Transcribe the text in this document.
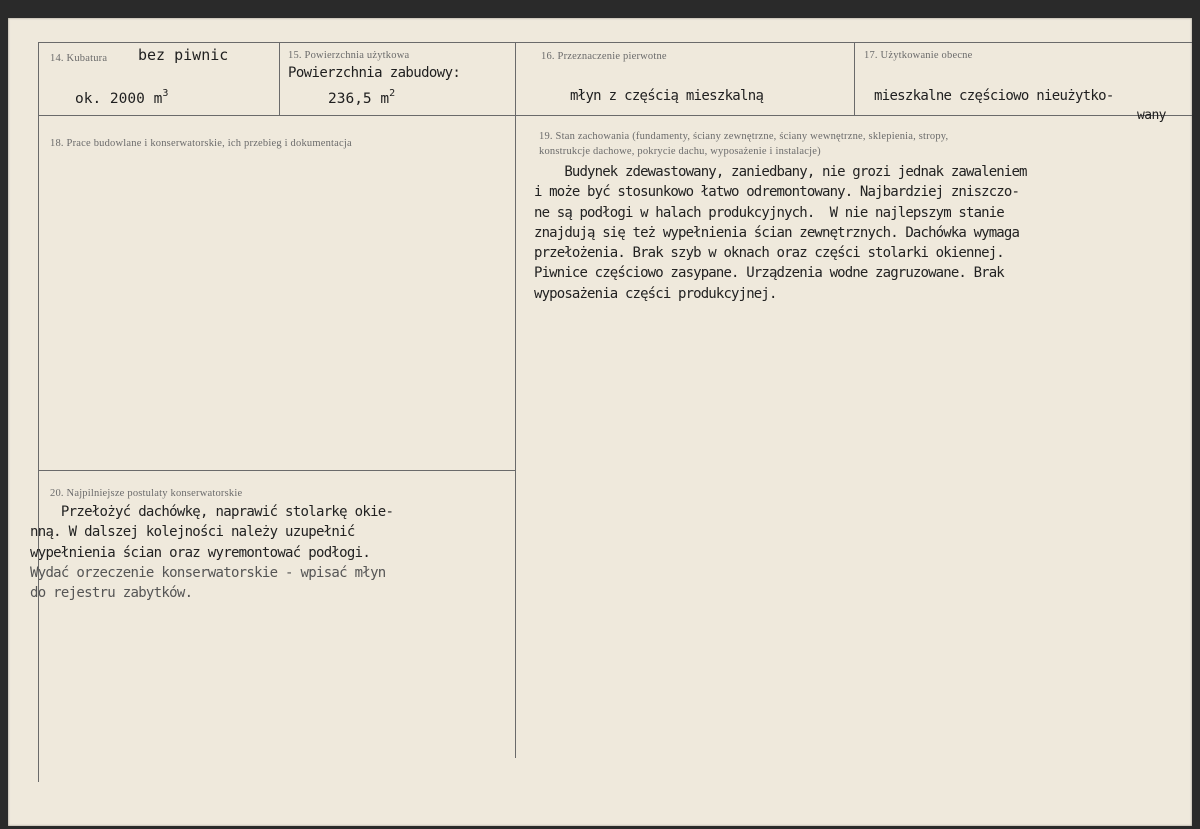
14. Kubatura bez piwnic
ok. 2000 $m^3$
15. Powierzchnia użytkowa
Powierzchnia zabudowy:
236,5 $m^2$
16. Przeznaczenie pierwotne
młyn z częścią mieszkalną
17. Użytkowanie obecne
mieszkalne częściowo nieużytko-
wany
18. Prace budowlane i konserwatorskie, ich przebieg i dokumentacja
19. Stan zachowania (fundamenty, ściany zewnętrzne, ściany wewnętrzne, sklepienia, stropy,
konstrukcje dachowe, pokrycie dachu, wyposażenie i instalacje)
Budynek zdewastowany, zaniedbany, nie grozi jednak zawaleniem
i może być stosunkowo łatwo odremontowany. Najbardziej zniszczo-
ne są podłogi w halach produkcyjnych.  W nie najlepszym stanie
znajdują się też wypełnienia ścian zewnętrznych. Dachówka wymaga
przełożenia. Brak szyb w oknach oraz części stolarki okiennej.
Piwnice częściowo zasypane. Urządzenia wodne zagruzowane. Brak
wyposażenia części produkcyjnej.
20. Najpilniejsze postulaty konserwatorskie
Przełożyć dachówkę, naprawić stolarkę okie-
nną. W dalszej kolejności należy uzupełnić
wypełnienia ścian oraz wyremontować podłogi.
Wydać orzeczenie konserwatorskie - wpisać młyn
do rejestru zabytków.
